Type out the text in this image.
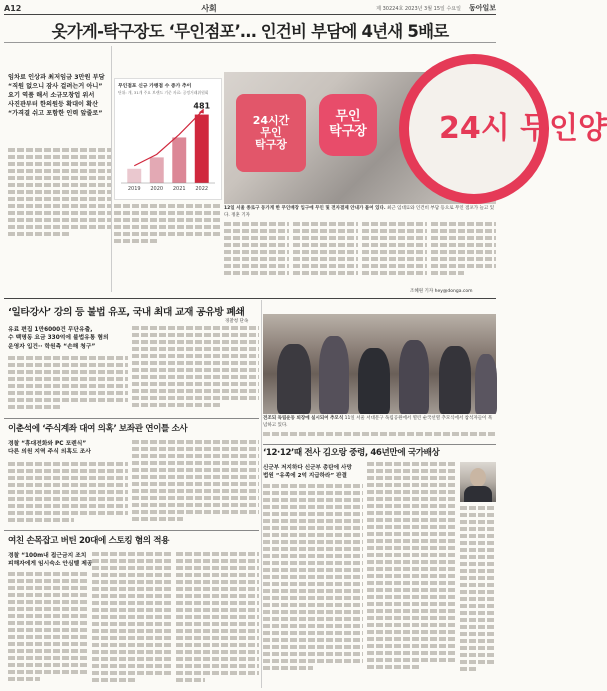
A12	사회	제 30224호 2023년 3월 15일 수요일 동아일보
옷가게-탁구장도 ‘무인점포’… 인건비 부담에 4년새 5배로
임차료 인상과 최저임금 3만원 부담
“직원 없으니 잠사 걸려는거 아니”
요기 역품 해서 소규모창업 위서
사진관부터 한의원등 확대이 확산
“가격결 쉬고 포함한 인력 앞줄로”
무인점포 신규 가맹점 수 증가 추이
단위: 개, 31개 주요 브랜드 기준 자료: 공정거래위원회
2019 2020 2021 2022
481
24시간
무인
탁구장
무인
탁구장 24시 무인양
12일 서울 종로구 동가게 한 무인매장 입구에 무인 및 전자결제 안내가 붙어 있다. 최근 임대료와 인건비 부담 등으로 무인 점포가 늘고 있다. 정훈 기자
조혜원 기자 hey@donga.com
‘일타강사’ 강의 등 불법 유포, 국내 최대 교재 공유방 폐쇄
경찰청 단속
유료 편집 1만6000건 무단유출,
수 백명동 요금 330억에 불법유통 혐의
운영자 입건·· 학원측 “손해 청구”
전조되 독립운동 퇴장에 실시되어 추모식 11일 서울 서대문구 독립공원에서 열린 순국선열 추모식에서 참석자들이 묵념하고 있다.
이춘석에 ‘주식계좌 대여 의혹’ 보좌관 연이틀 소사
경찰 “휴대전화와 PC 포렌식”
다른 의원 지역 주식 의혹도 조사	‘12·12’때 전사 김오랑 중령, 46년만에 국가배상
신군부 저지하다 신군부 총탄에 사망
법원 “유족에 2억 지급하라” 판결
여친 손목잡고 버틴 20대에 스토킹 혐의 적용
경찰 “100m내 접근금지 조치
피해자에게 임시숙소 안심벨 제공
